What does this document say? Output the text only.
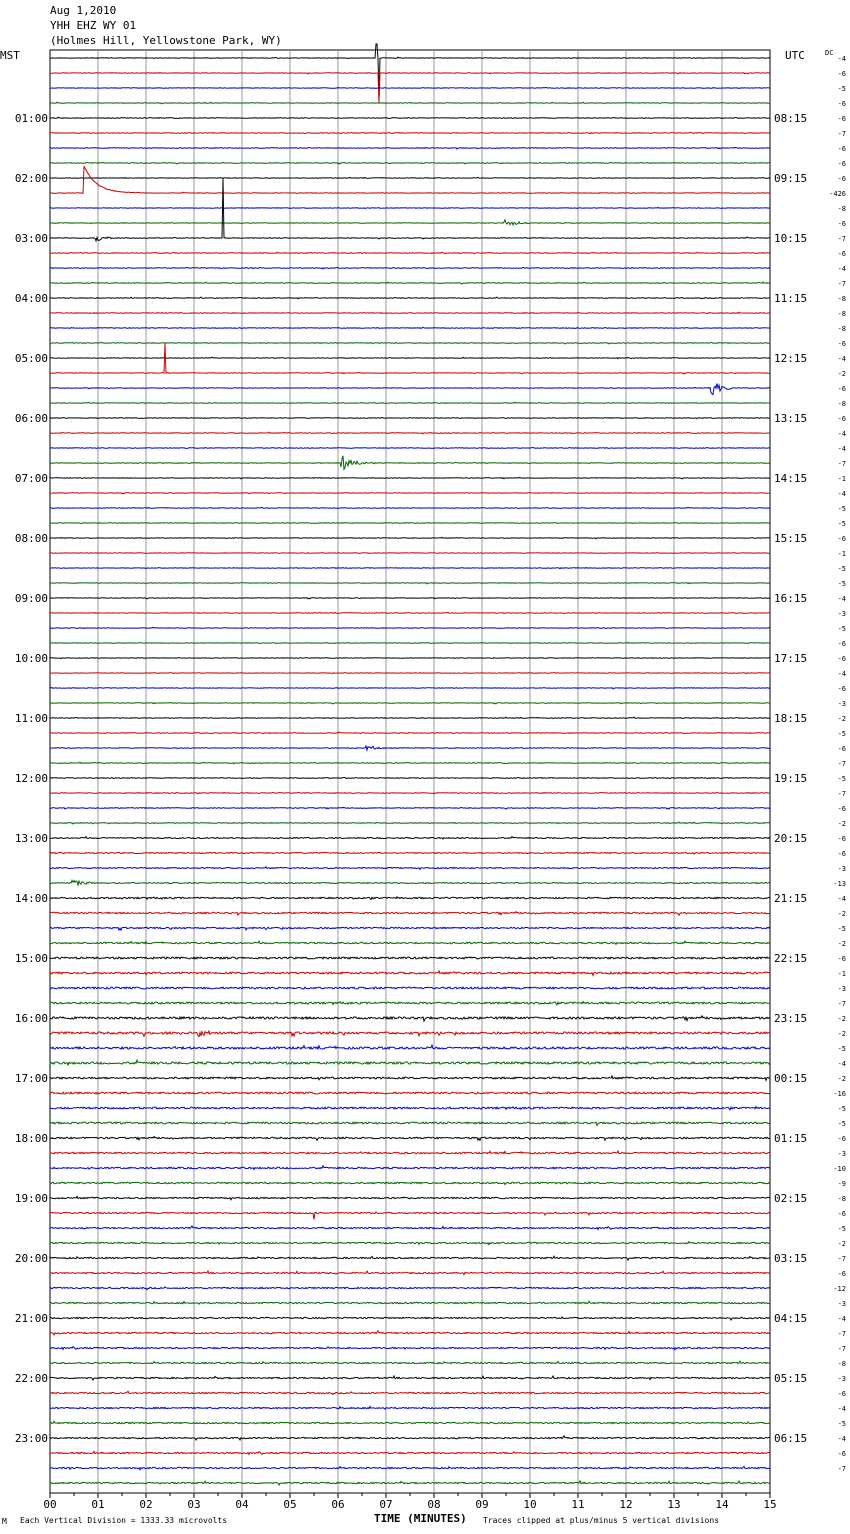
-4
-6
-5
-6
-6
-7
-6
-6
-6
-426
-8
-6
-7
-6
-4
-7
-8
-8
-8
-6
-4
-2
-6
-8
-6
-4
-4
-7
-1
-4
-5
-5
-6
-1
-5
-5
-4
-3
-5
-6
-6
-4
-6
-3
-2
-5
-6
-7
-5
-7
-6
-2
-6
-6
-3
-13
-4
-2
-5
-2
-6
-1
-3
-7
-2
-2
-5
-4
-2
-16
-5
-5
-6
-3
-10
-9
-8
-6
-5
-2
-7
-6
-12
-3
-4
-7
-7
-8
-3
-6
-4
-5
-4
-6
-7
01:00	08:15
02:00	09:15
03:00	10:15
04:00	11:15
05:00	12:15
06:00	13:15
07:00	14:15
08:00	15:15
09:00	16:15
10:00	17:15
11:00	18:15
12:00	19:15
13:00	20:15
14:00	21:15
15:00	22:15
16:00	23:15
17:00	00:15
18:00	01:15
19:00	02:15
20:00	03:15
21:00	04:15
22:00	05:15
23:00	06:15
00	01	02	03	04	05	06	07	08	09	10	11	12	13	14	15
Aug 1,2010
YHH EHZ WY 01
(Holmes Hill, Yellowstone Park, WY)
MST	UTC	DC
TIME (MINUTES)
M Each Vertical Division = 1333.33 microvolts	Traces clipped at plus/minus 5 vertical divisions
